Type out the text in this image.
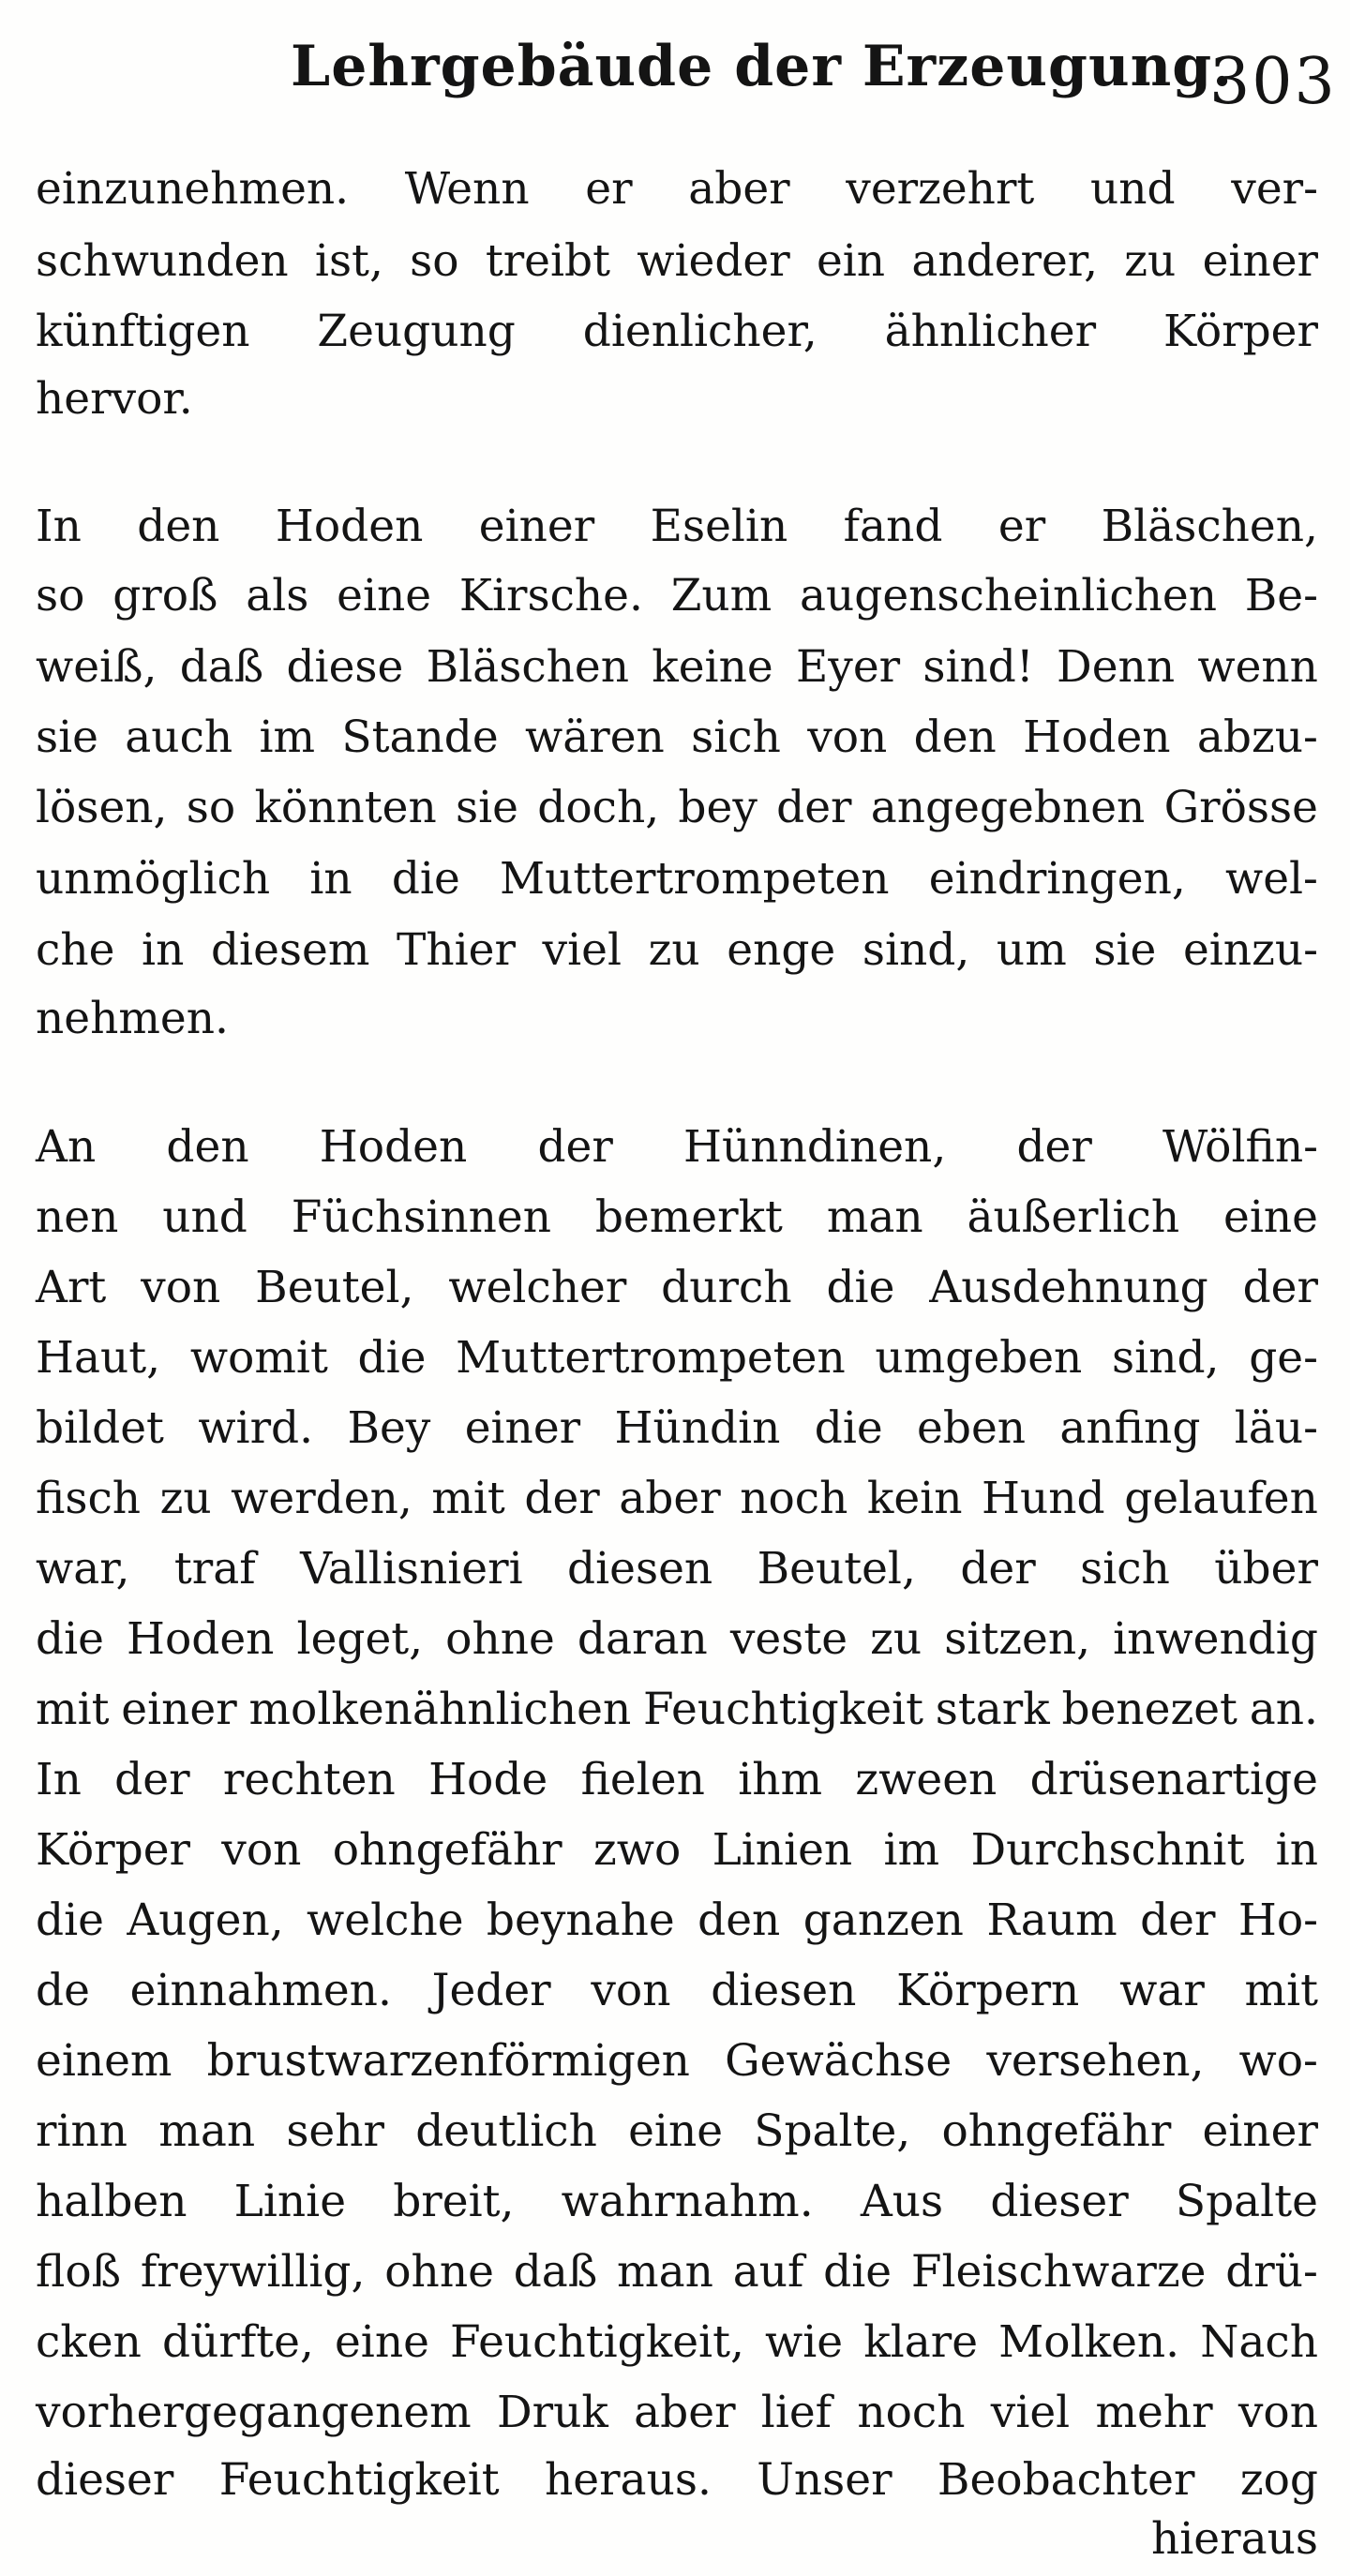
Lehrgebäude der Erzeugung.
303
einzunehmen. Wenn er aber verzehrt und ver-
schwunden ist, so treibt wieder ein anderer, zu einer
künftigen Zeugung dienlicher, ähnlicher Körper
hervor.
In den Hoden einer Eselin fand er Bläschen,
so groß als eine Kirsche. Zum augenscheinlichen Be-
weiß, daß diese Bläschen keine Eyer sind! Denn wenn
sie auch im Stande wären sich von den Hoden abzu-
lösen, so könnten sie doch, bey der angegebnen Grösse
unmöglich in die Muttertrompeten eindringen, wel-
che in diesem Thier viel zu enge sind, um sie einzu-
nehmen.
An den Hoden der Hünndinen, der Wölfin-
nen und Füchsinnen bemerkt man äußerlich eine
Art von Beutel, welcher durch die Ausdehnung der
Haut, womit die Muttertrompeten umgeben sind, ge-
bildet wird. Bey einer Hündin die eben anfing läu-
fisch zu werden, mit der aber noch kein Hund gelaufen
war, traf Vallisnieri diesen Beutel, der sich über
die Hoden leget, ohne daran veste zu sitzen, inwendig
mit einer molkenähnlichen Feuchtigkeit stark benezet an.
In der rechten Hode fielen ihm zween drüsenartige
Körper von ohngefähr zwo Linien im Durchschnit in
die Augen, welche beynahe den ganzen Raum der Ho-
de einnahmen. Jeder von diesen Körpern war mit
einem brustwarzenförmigen Gewächse versehen, wo-
rinn man sehr deutlich eine Spalte, ohngefähr einer
halben Linie breit, wahrnahm. Aus dieser Spalte
floß freywillig, ohne daß man auf die Fleischwarze drü-
cken dürfte, eine Feuchtigkeit, wie klare Molken. Nach
vorhergegangenem Druk aber lief noch viel mehr von
dieser Feuchtigkeit heraus. Unser Beobachter zog
hieraus
